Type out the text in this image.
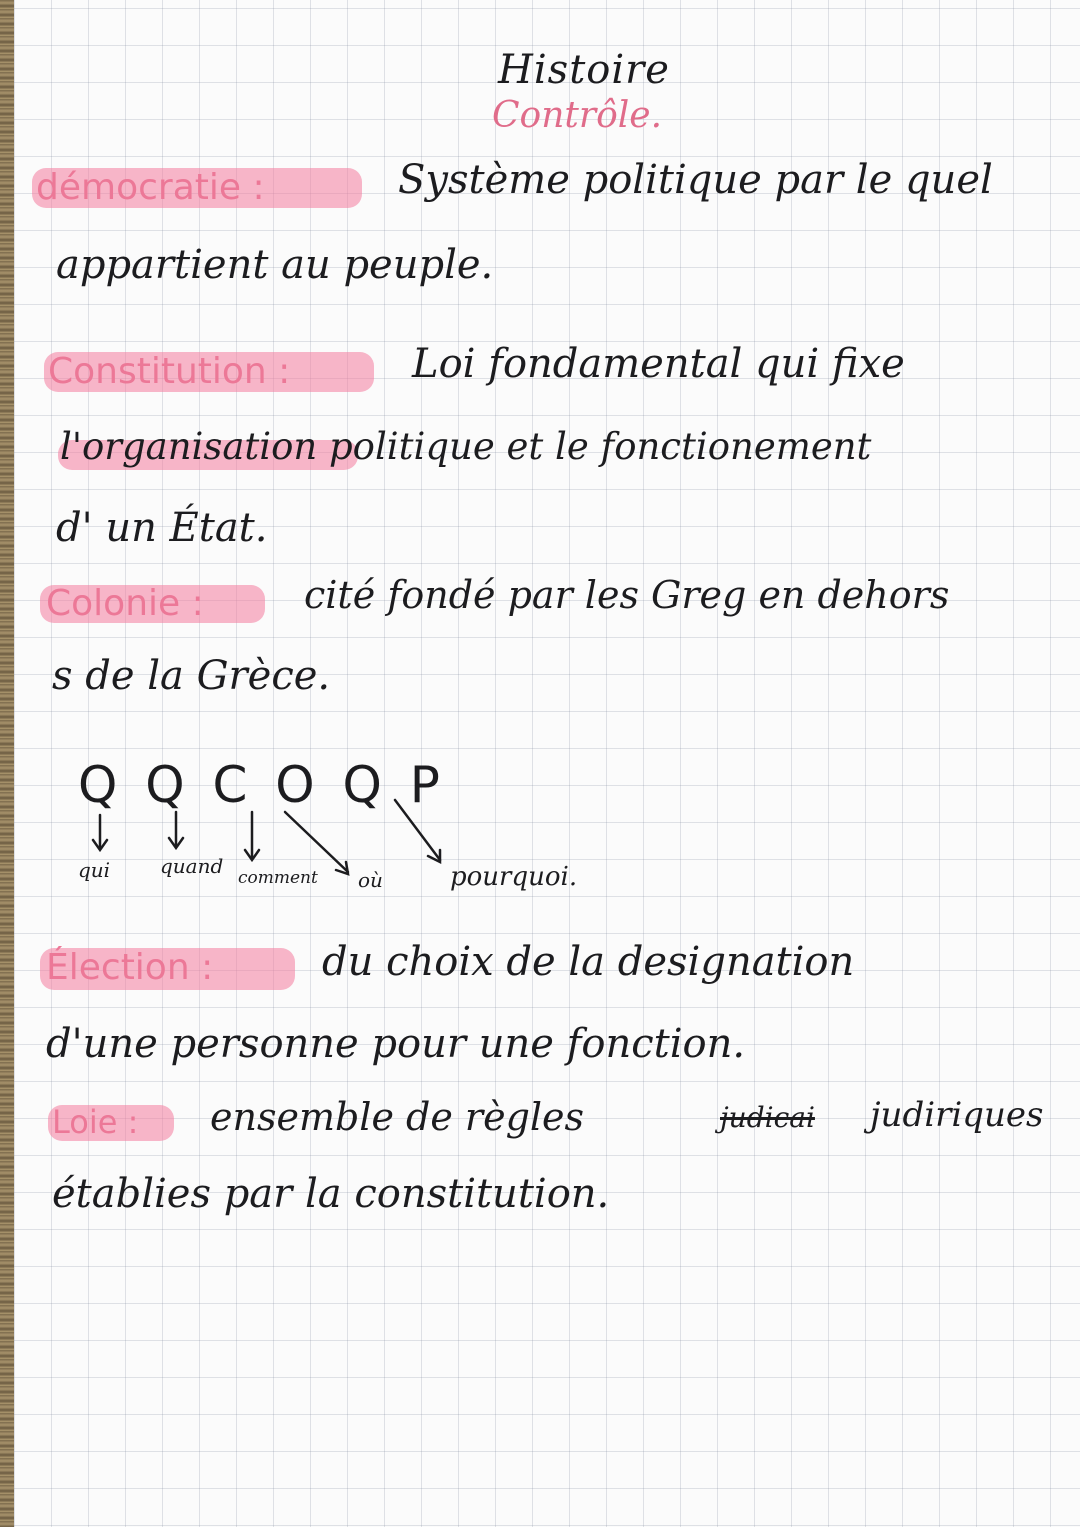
Histoire
Contrôle.
démocratie :	Système politique par le quel
appartient au peuple.
Constitution :	Loi fondamental qui fixe
l'organisation politique et le fonctionement
d' un État.
Colonie :	cité fondé par les Greg en dehors
s de la Grèce.
Q Q C O Q P
qui quand comment où	pourquoi.
Élection :	du choix de la designation
d'une personne pour une fonction.
Loie : ensemble de règles	judicai judiriques
établies par la constitution.
